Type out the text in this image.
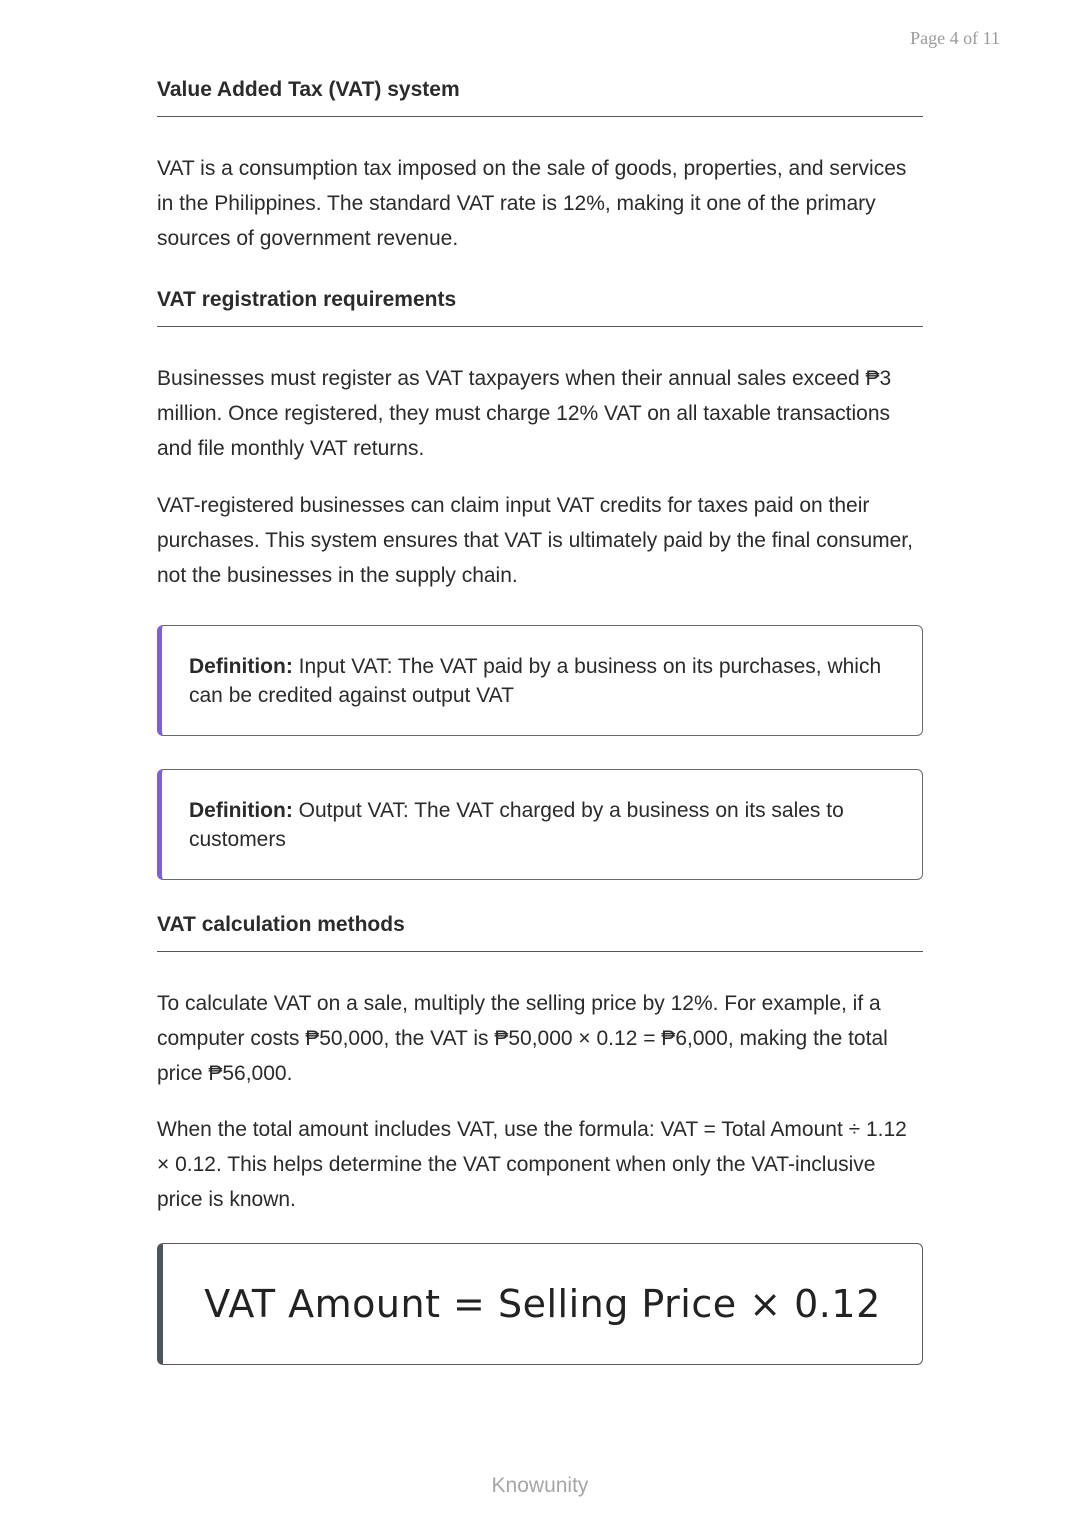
Page 4 of 11
Value Added Tax (VAT) system

VAT is a consumption tax imposed on the sale of goods, properties, and services in the Philippines. The standard VAT rate is 12%, making it one of the primary sources of government revenue.

VAT registration requirements

Businesses must register as VAT taxpayers when their annual sales exceed ₱3 million. Once registered, they must charge 12% VAT on all taxable transactions and file monthly VAT returns.

VAT-registered businesses can claim input VAT credits for taxes paid on their purchases. This system ensures that VAT is ultimately paid by the final consumer, not the businesses in the supply chain.

Definition: Input VAT: The VAT paid by a business on its purchases, which can be credited against output VAT
Definition: Output VAT: The VAT charged by a business on its sales to customers
VAT calculation methods

To calculate VAT on a sale, multiply the selling price by 12%. For example, if a computer costs ₱50,000, the VAT is ₱50,000 × 0.12 = ₱6,000, making the total price ₱56,000.

When the total amount includes VAT, use the formula: VAT = Total Amount ÷ 1.12 × 0.12. This helps determine the VAT component when only the VAT-inclusive price is known.

VAT Amount = Selling Price × 0.12
Knowunity
